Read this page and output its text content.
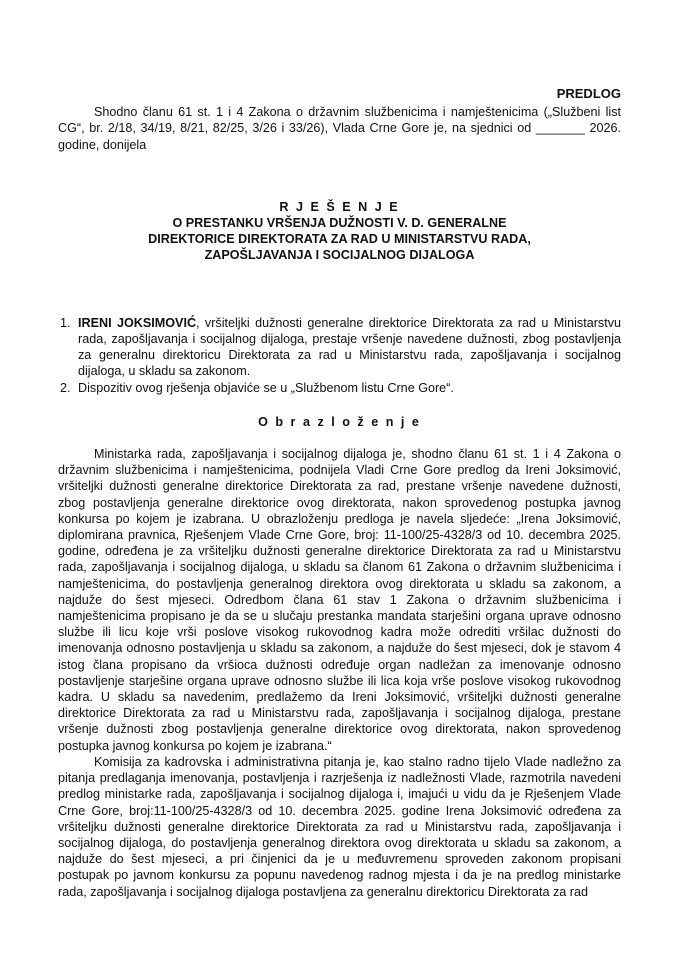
PREDLOG

Shodno članu 61 st. 1 i 4 Zakona o državnim službenicima i namještenicima („Službeni list CG“, br. 2/18, 34/19, 8/21, 82/25, 3/26 i 33/26), Vlada Crne Gore je, na sjednici od _______ 2026. godine, donijela

R J E Š E N J E
O PRESTANKU VRŠENJA DUŽNOSTI V. D. GENERALNE
DIREKTORICE DIREKTORATA ZA RAD U MINISTARSTVU RADA,
ZAPOŠLJAVANJA I SOCIJALNOG DIJALOGA
1. IRENI JOKSIMOVIĆ, vršiteljki dužnosti generalne direktorice Direktorata za rad u Ministarstvu rada, zapošljavanja i socijalnog dijaloga, prestaje vršenje navedene dužnosti, zbog postavljenja za generalnu direktoricu Direktorata za rad u Ministarstvu rada, zapošljavanja i socijalnog dijaloga, u skladu sa zakonom.
2. Dispozitiv ovog rješenja objaviće se u „Službenom listu Crne Gore“.
O b r a z l o ž e n j e

Ministarka rada, zapošljavanja i socijalnog dijaloga je, shodno članu 61 st. 1 i 4 Zakona o državnim službenicima i namještenicima, podnijela Vladi Crne Gore predlog da Ireni Joksimović, vršiteljki dužnosti generalne direktorice Direktorata za rad, prestane vršenje navedene dužnosti, zbog postavljenja generalne direktorice ovog direktorata, nakon sprovedenog postupka javnog konkursa po kojem je izabrana. U obrazloženju predloga je navela sljedeće: „Irena Joksimović, diplomirana pravnica, Rješenjem Vlade Crne Gore, broj: 11-100/25-4328/3 od 10. decembra 2025. godine, određena je za vršiteljku dužnosti generalne direktorice Direktorata za rad u Ministarstvu rada, zapošljavanja i socijalnog dijaloga, u skladu sa članom 61 Zakona o državnim službenicima i namještenicima, do postavljenja generalnog direktora ovog direktorata u skladu sa zakonom, a najduže do šest mjeseci. Odredbom člana 61 stav 1 Zakona o državnim službenicima i namještenicima propisano je da se u slučaju prestanka mandata starješini organa uprave odnosno službe ili licu koje vrši poslove visokog rukovodnog kadra može odrediti vršilac dužnosti do imenovanja odnosno postavljenja u skladu sa zakonom, a najduže do šest mjeseci, dok je stavom 4 istog člana propisano da vršioca dužnosti određuje organ nadležan za imenovanje odnosno postavljenje starješine organa uprave odnosno službe ili lica koja vrše poslove visokog rukovodnog kadra. U skladu sa navedenim, predlažemo da Ireni Joksimović, vršiteljki dužnosti generalne direktorice Direktorata za rad u Ministarstvu rada, zapošljavanja i socijalnog dijaloga, prestane vršenje dužnosti zbog postavljenja generalne direktorice ovog direktorata, nakon sprovedenog postupka javnog konkursa po kojem je izabrana.“

Komisija za kadrovska i administrativna pitanja je, kao stalno radno tijelo Vlade nadležno za pitanja predlaganja imenovanja, postavljenja i razrješenja iz nadležnosti Vlade, razmotrila navedeni predlog ministarke rada, zapošljavanja i socijalnog dijaloga i, imajući u vidu da je Rješenjem Vlade Crne Gore, broj:11-100/25-4328/3 od 10. decembra 2025. godine Irena Joksimović određena za vršiteljku dužnosti generalne direktorice Direktorata za rad u Ministarstvu rada, zapošljavanja i socijalnog dijaloga, do postavljenja generalnog direktora ovog direktorata u skladu sa zakonom, a najduže do šest mjeseci, a pri činjenici da je u međuvremenu sproveden zakonom propisani postupak po javnom konkursu za popunu navedenog radnog mjesta i da je na predlog ministarke rada, zapošljavanja i socijalnog dijaloga postavljena za generalnu direktoricu Direktorata za rad
